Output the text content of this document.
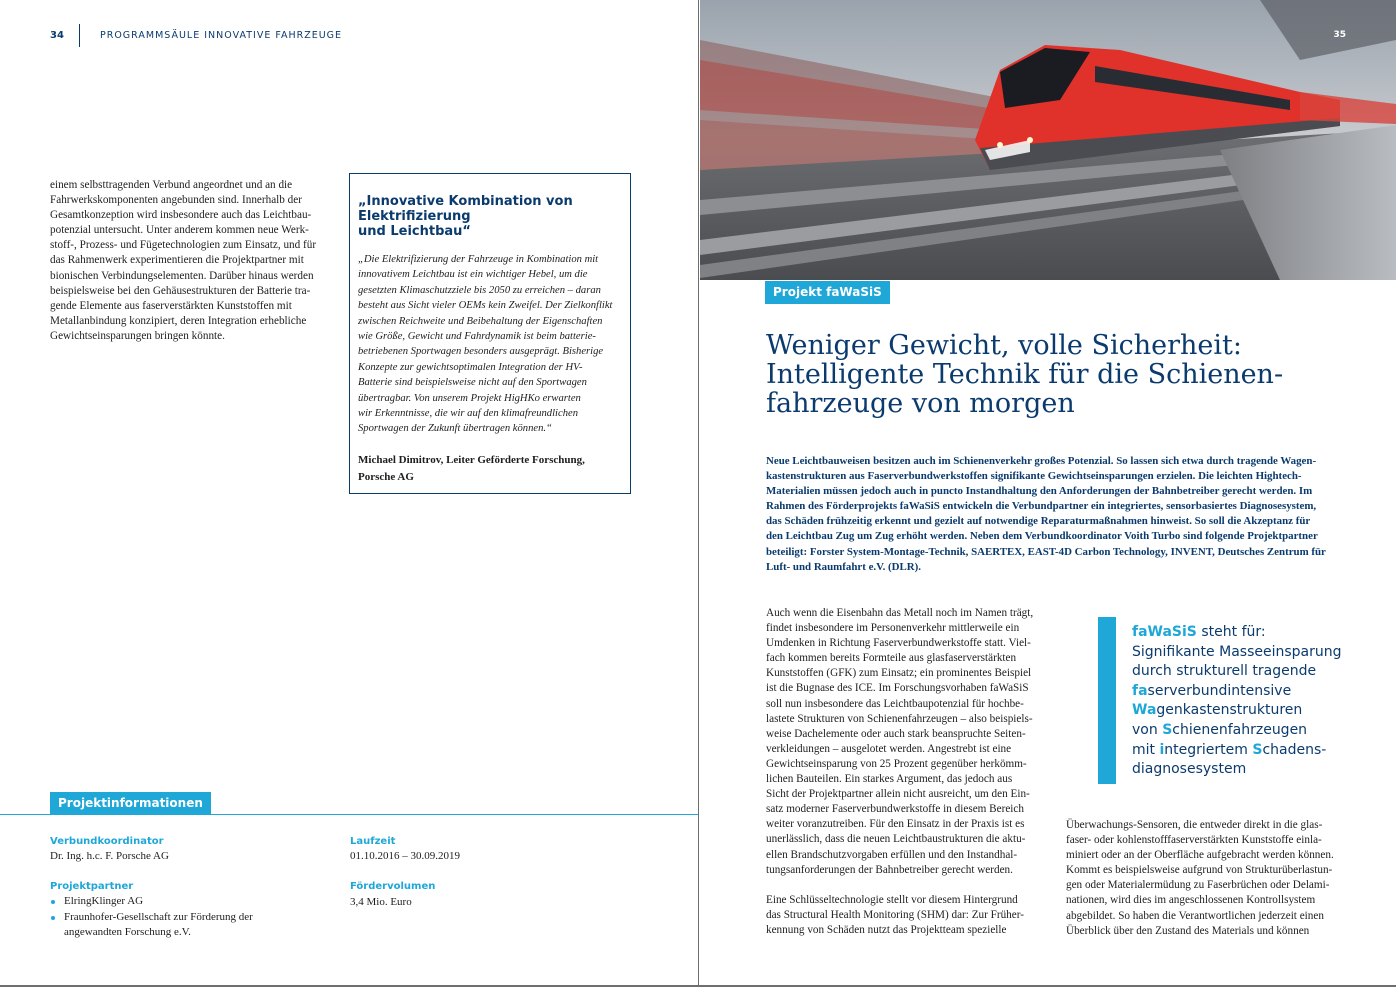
34	PROGRAMMSÄULE INNOVATIVE FAHRZEUGE
einem selbsttragenden Verbund angeordnet und an die
Fahrwerkskomponenten angebunden sind. Innerhalb der
Gesamtkonzeption wird insbesondere auch das Leichtbau-
potenzial untersucht. Unter anderem kommen neue Werk-
stoff-, Prozess- und Fügetechnologien zum Einsatz, und für
das Rahmenwerk experimentieren die Projektpartner mit
bionischen Verbindungselementen. Darüber hinaus werden
beispielsweise bei den Gehäusestrukturen der Batterie tra-
gende Elemente aus faserverstärkten Kunststoffen mit
Metallanbindung konzipiert, deren Integration erhebliche
Gewichtseinsparungen bringen könnte.
„Innovative Kombination von Elektrifizierung
und Leichtbau“
„Die Elektrifizierung der Fahrzeuge in Kombination mit
innovativem Leichtbau ist ein wichtiger Hebel, um die
gesetzten Klimaschutzziele bis 2050 zu erreichen – daran
besteht aus Sicht vieler OEMs kein Zweifel. Der Zielkonflikt
zwischen Reichweite und Beibehaltung der Eigenschaften
wie Größe, Gewicht und Fahrdynamik ist beim batterie-
betriebenen Sportwagen besonders ausgeprägt. Bisherige
Konzepte zur gewichtsoptimalen Integration der HV-
Batterie sind beispielsweise nicht auf den Sportwagen
übertragbar. Von unserem Projekt HigHKo erwarten
wir Erkenntnisse, die wir auf den klimafreundlichen
Sportwagen der Zukunft übertragen können.“
Michael Dimitrov, Leiter Geförderte Forschung,
Porsche AG
Projektinformationen
Verbundkoordinator
Dr. Ing. h.c. F. Porsche AG
Projektpartner
ElringKlinger AG
Fraunhofer-Gesellschaft zur Förderung der
angewandten Forschung e.V.
Laufzeit
01.10.2016 – 30.09.2019
Fördervolumen
3,4 Mio. Euro
35
Projekt faWaSiS
Weniger Gewicht, volle Sicherheit:
Intelligente Technik für die Schienen-
fahrzeuge von morgen
Neue Leichtbauweisen besitzen auch im Schienenverkehr großes Potenzial. So lassen sich etwa durch tragende Wagen-
kastenstrukturen aus Faserverbundwerkstoffen signifikante Gewichtseinsparungen erzielen. Die leichten Hightech-
Materialien müssen jedoch auch in puncto Instandhaltung den Anforderungen der Bahnbetreiber gerecht werden. Im
Rahmen des Förderprojekts faWaSiS entwickeln die Verbundpartner ein integriertes, sensorbasiertes Diagnosesystem,
das Schäden frühzeitig erkennt und gezielt auf notwendige Reparaturmaßnahmen hinweist. So soll die Akzeptanz für
den Leichtbau Zug um Zug erhöht werden. Neben dem Verbundkoordinator Voith Turbo sind folgende Projektpartner
beteiligt: Forster System-Montage-Technik, SAERTEX, EAST-4D Carbon Technology, INVENT, Deutsches Zentrum für
Luft- und Raumfahrt e.V. (DLR).

Auch wenn die Eisenbahn das Metall noch im Namen trägt,
findet insbesondere im Personenverkehr mittlerweile ein
Umdenken in Richtung Faserverbundwerkstoffe statt. Viel-
fach kommen bereits Formteile aus glasfaserverstärkten
Kunststoffen (GFK) zum Einsatz; ein prominentes Beispiel
ist die Bugnase des ICE. Im Forschungsvorhaben faWaSiS
soll nun insbesondere das Leichtbaupotenzial für hochbe-
lastete Strukturen von Schienenfahrzeugen – also beispiels-
weise Dachelemente oder auch stark beanspruchte Seiten-
verkleidungen – ausgelotet werden. Angestrebt ist eine
Gewichtseinsparung von 25 Prozent gegenüber herkömm-
lichen Bauteilen. Ein starkes Argument, das jedoch aus
Sicht der Projektpartner allein nicht ausreicht, um den Ein-
satz moderner Faserverbundwerkstoffe in diesem Bereich
weiter voranzutreiben. Für den Einsatz in der Praxis ist es
unerlässlich, dass die neuen Leichtbaustrukturen die aktu-
ellen Brandschutzvorgaben erfüllen und den Instandhal-
tungsanforderungen der Bahnbetreiber gerecht werden.

Eine Schlüsseltechnologie stellt vor diesem Hintergrund
das Structural Health Monitoring (SHM) dar: Zur Früher-
kennung von Schäden nutzt das Projektteam spezielle

faWaSiS steht für:
Signifikante Masseeinsparung
durch strukturell tragende
faserverbundintensive
Wagenkastenstrukturen
von Schienenfahrzeugen
mit integriertem Schadens-
diagnosesystem
Überwachungs-Sensoren, die entweder direkt in die glas-
faser- oder kohlenstofffaserverstärkten Kunststoffe einla-
miniert oder an der Oberfläche aufgebracht werden können.
Kommt es beispielsweise aufgrund von Strukturüberlastun-
gen oder Materialermüdung zu Faserbrüchen oder Delami-
nationen, wird dies im angeschlossenen Kontrollsystem
abgebildet. So haben die Verantwortlichen jederzeit einen
Überblick über den Zustand des Materials und können
